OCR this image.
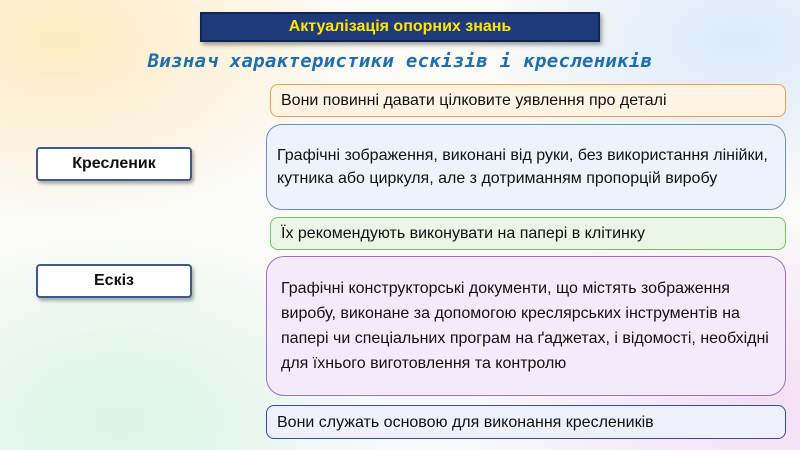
Актуалізація опорних знань
Визнач характеристики ескізів і креслеників
Кресленик
Ескіз
Вони повинні давати цілковите уявлення про деталі
Графічні зображення, виконані від руки, без використання лінійки, кутника або циркуля, але з дотриманням пропорцій виробу
Їх рекомендують виконувати на папері в клітинку
Графічні конструкторські документи, що містять зображення виробу, виконане за допомогою креслярських інструментів на папері чи спеціальних програм на ґаджетах, і відомості, необхідні для їхнього виготовлення та контролю
Вони служать основою для виконання креслеників
